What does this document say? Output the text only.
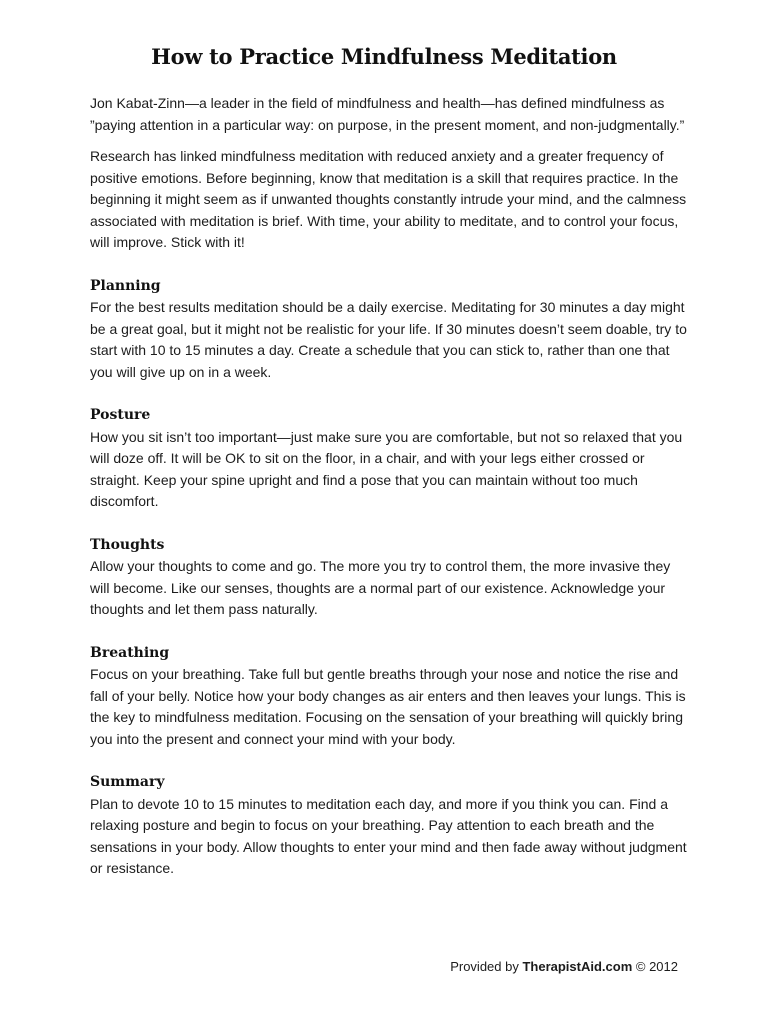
How to Practice Mindfulness Meditation

Jon Kabat-Zinn—a leader in the field of mindfulness and health—has defined mindfulness as ”paying attention in a particular way: on purpose, in the present moment, and non-judgmentally.”

Research has linked mindfulness meditation with reduced anxiety and a greater frequency of positive emotions. Before beginning, know that meditation is a skill that requires practice. In the beginning it might seem as if unwanted thoughts constantly intrude your mind, and the calmness associated with meditation is brief. With time, your ability to meditate, and to control your focus, will improve. Stick with it!

Planning

For the best results meditation should be a daily exercise. Meditating for 30 minutes a day might be a great goal, but it might not be realistic for your life. If 30 minutes doesn’t seem doable, try to start with 10 to 15 minutes a day. Create a schedule that you can stick to, rather than one that you will give up on in a week.

Posture

How you sit isn’t too important—just make sure you are comfortable, but not so relaxed that you will doze off. It will be OK to sit on the floor, in a chair, and with your legs either crossed or straight. Keep your spine upright and find a pose that you can maintain without too much discomfort.

Thoughts

Allow your thoughts to come and go. The more you try to control them, the more invasive they will become. Like our senses, thoughts are a normal part of our existence. Acknowledge your thoughts and let them pass naturally.

Breathing

Focus on your breathing. Take full but gentle breaths through your nose and notice the rise and fall of your belly. Notice how your body changes as air enters and then leaves your lungs. This is the key to mindfulness meditation. Focusing on the sensation of your breathing will quickly bring you into the present and connect your mind with your body.

Summary

Plan to devote 10 to 15 minutes to meditation each day, and more if you think you can. Find a relaxing posture and begin to focus on your breathing. Pay attention to each breath and the sensations in your body. Allow thoughts to enter your mind and then fade away without judgment or resistance.

Provided by TherapistAid.com © 2012
